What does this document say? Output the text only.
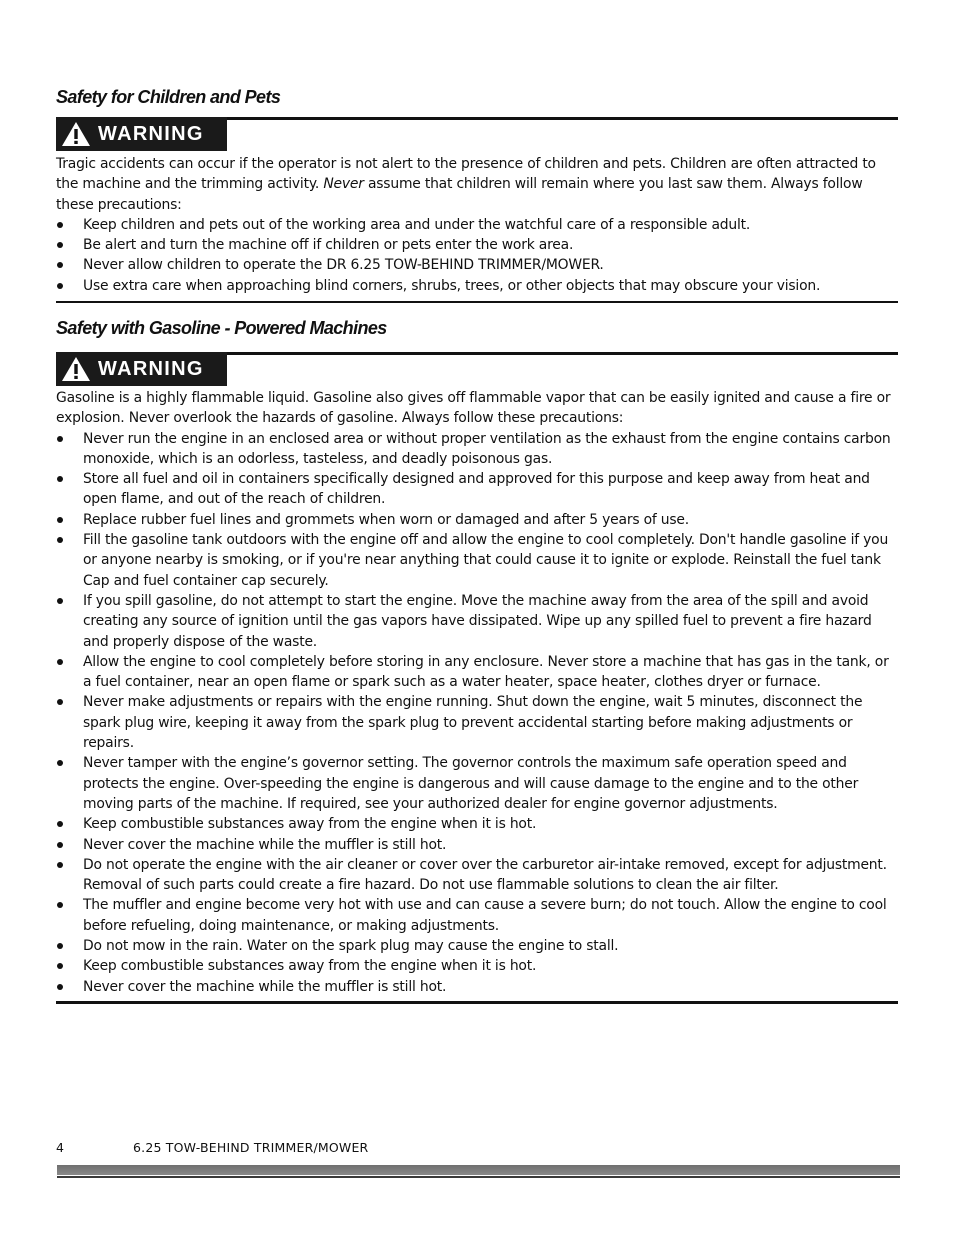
Safety for Children and Pets
WARNING

Tragic accidents can occur if the operator is not alert to the presence of children and pets. Children are often attracted to the machine and the trimming activity. Never assume that children will remain where you last saw them. Always follow these precautions:

Keep children and pets out of the working area and under the watchful care of a responsible adult.
Be alert and turn the machine off if children or pets enter the work area.
Never allow children to operate the DR 6.25 TOW-BEHIND TRIMMER/MOWER.
Use extra care when approaching blind corners, shrubs, trees, or other objects that may obscure your vision.
Safety with Gasoline - Powered Machines
WARNING

Gasoline is a highly flammable liquid. Gasoline also gives off flammable vapor that can be easily ignited and cause a fire or explosion. Never overlook the hazards of gasoline. Always follow these precautions:

Never run the engine in an enclosed area or without proper ventilation as the exhaust from the engine contains carbon monoxide, which is an odorless, tasteless, and deadly poisonous gas.
Store all fuel and oil in containers specifically designed and approved for this purpose and keep away from heat and open flame, and out of the reach of children.
Replace rubber fuel lines and grommets when worn or damaged and after 5 years of use.
Fill the gasoline tank outdoors with the engine off and allow the engine to cool completely. Don't handle gasoline if you or anyone nearby is smoking, or if you're near anything that could cause it to ignite or explode. Reinstall the fuel tank Cap and fuel container cap securely.
If you spill gasoline, do not attempt to start the engine. Move the machine away from the area of the spill and avoid creating any source of ignition until the gas vapors have dissipated. Wipe up any spilled fuel to prevent a fire hazard and properly dispose of the waste.
Allow the engine to cool completely before storing in any enclosure. Never store a machine that has gas in the tank, or a fuel container, near an open flame or spark such as a water heater, space heater, clothes dryer or furnace.
Never make adjustments or repairs with the engine running. Shut down the engine, wait 5 minutes, disconnect the spark plug wire, keeping it away from the spark plug to prevent accidental starting before making adjustments or repairs.
Never tamper with the engine’s governor setting. The governor controls the maximum safe operation speed and protects the engine. Over-speeding the engine is dangerous and will cause damage to the engine and to the other moving parts of the machine. If required, see your authorized dealer for engine governor adjustments.
Keep combustible substances away from the engine when it is hot.
Never cover the machine while the muffler is still hot.
Do not operate the engine with the air cleaner or cover over the carburetor air-intake removed, except for adjustment. Removal of such parts could create a fire hazard. Do not use flammable solutions to clean the air filter.
The muffler and engine become very hot with use and can cause a severe burn; do not touch. Allow the engine to cool before refueling, doing maintenance, or making adjustments.
Do not mow in the rain. Water on the spark plug may cause the engine to stall.
Keep combustible substances away from the engine when it is hot.
Never cover the machine while the muffler is still hot.
4	6.25 TOW-BEHIND TRIMMER/MOWER
